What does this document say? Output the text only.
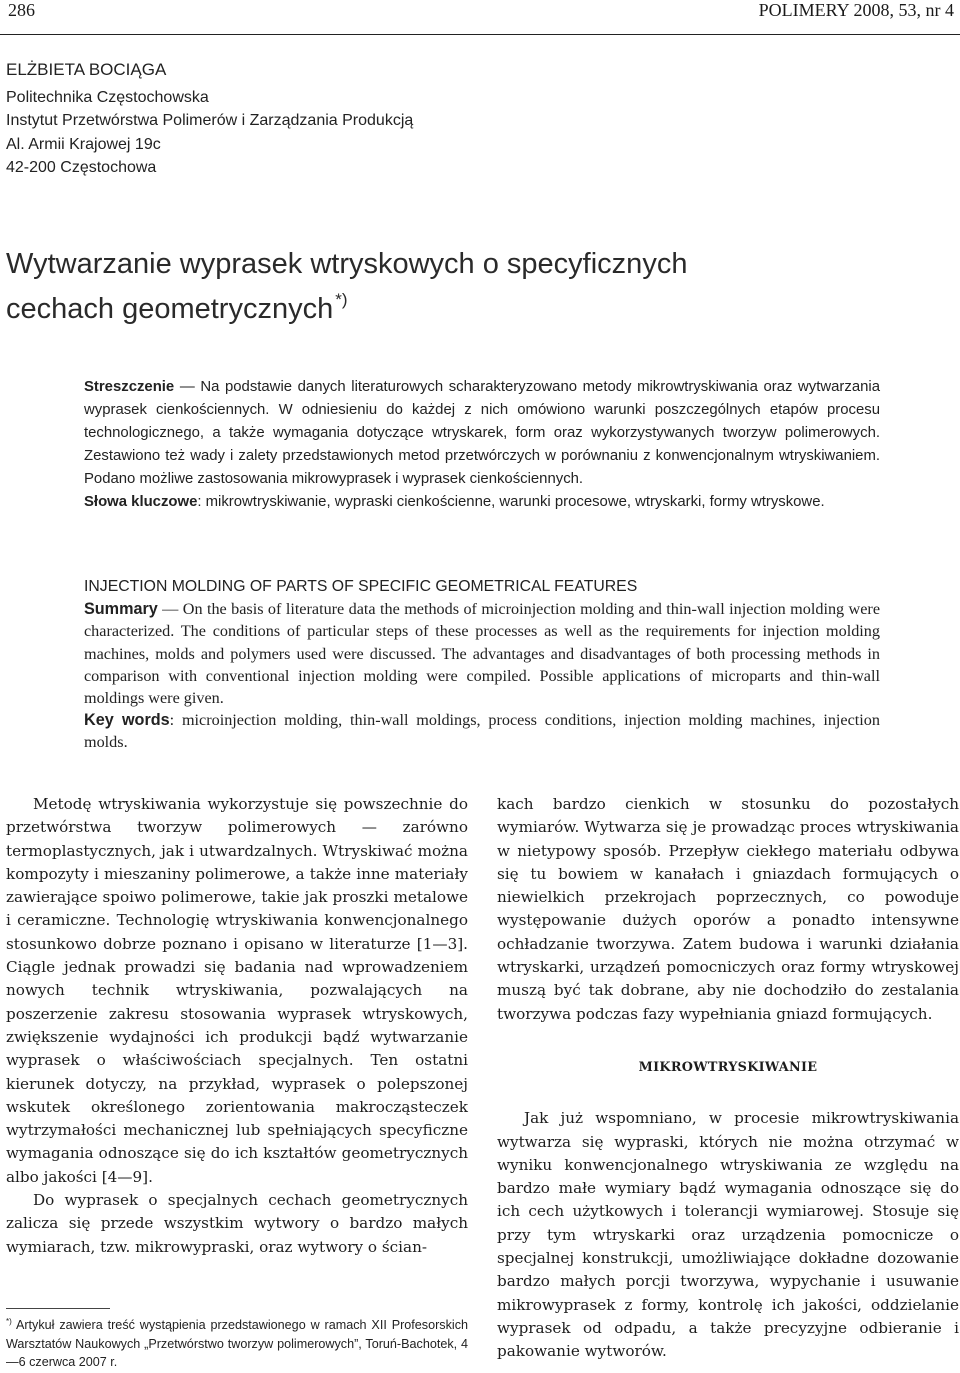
286	POLIMERY 2008, 53, nr 4
ELŻBIETA BOCIĄGA
Politechnika Częstochowska
Instytut Przetwórstwa Polimerów i Zarządzania Produkcją
Al. Armii Krajowej 19c
42-200 Częstochowa
Wytwarzanie wyprasek wtryskowych o specyficznych
cechach geometrycznych *)

Streszczenie — Na podstawie danych literaturowych scharakteryzowano metody mikrowtryskiwania oraz wytwarzania wyprasek cienkościennych. W odniesieniu do każdej z nich omówiono warunki poszczególnych etapów procesu technologicznego, a także wymagania dotyczące wtryskarek, form oraz wykorzystywanych tworzyw polimerowych. Zestawiono też wady i zalety przedstawionych metod przetwórczych w porównaniu z konwencjonalnym wtryskiwaniem. Podano możliwe zastosowania mikrowyprasek i wyprasek cienkościennych.

Słowa kluczowe: mikrowtryskiwanie, wypraski cienkościenne, warunki procesowe, wtryskarki, formy wtryskowe.

INJECTION MOLDING OF PARTS OF SPECIFIC GEOMETRICAL FEATURES

Summary — On the basis of literature data the methods of microinjection molding and thin-wall injection molding were characterized. The conditions of particular steps of these processes as well as the requirements for injection molding machines, molds and polymers used were discussed. The advantages and disadvantages of both processing methods in comparison with conventional injection molding were compiled. Possible applications of microparts and thin-wall moldings were given.

Key words: microinjection molding, thin-wall moldings, process conditions, injection molding machines, injection molds.

Metodę wtryskiwania wykorzystuje się powszechnie do przetwórstwa tworzyw polimerowych — zarówno termoplastycznych, jak i utwardzalnych. Wtryskiwać można kompozyty i mieszaniny polimerowe, a także inne materiały zawierające spoiwo polimerowe, takie jak proszki metalowe i ceramiczne. Technologię wtryskiwania konwencjonalnego stosunkowo dobrze poznano i opisano w literaturze [1—3]. Ciągle jednak prowadzi się badania nad wprowadzeniem nowych technik wtryskiwania, pozwalających na poszerzenie zakresu stosowania wyprasek wtryskowych, zwiększenie wydajności ich produkcji bądź wytwarzanie wyprasek o właściwościach specjalnych. Ten ostatni kierunek dotyczy, na przykład, wyprasek o polepszonej wskutek określonego zorientowania makrocząsteczek wytrzymałości mechanicznej lub spełniających specyficzne wymagania odnoszące się do ich kształtów geometrycznych albo jakości [4—9].

Do wyprasek o specjalnych cechach geometrycznych zalicza się przede wszystkim wytwory o bardzo małych wymiarach, tzw. mikrowypraski, oraz wytwory o ścian-

kach bardzo cienkich w stosunku do pozostałych wymiarów. Wytwarza się je prowadząc proces wtryskiwania w nietypowy sposób. Przepływ ciekłego materiału odbywa się tu bowiem w kanałach i gniazdach formujących o niewielkich przekrojach poprzecznych, co powoduje występowanie dużych oporów a ponadto intensywne ochładzanie tworzywa. Zatem budowa i warunki działania wtryskarki, urządzeń pomocniczych oraz formy wtryskowej muszą być tak dobrane, aby nie dochodziło do zestalania tworzywa podczas fazy wypełniania gniazd formujących.

MIKROWTRYSKIWANIE

Jak już wspomniano, w procesie mikrowtryskiwania wytwarza się wypraski, których nie można otrzymać w wyniku konwencjonalnego wtryskiwania ze względu na bardzo małe wymiary bądź wymagania odnoszące się do ich cech użytkowych i tolerancji wymiarowej. Stosuje się przy tym wtryskarki oraz urządzenia pomocnicze o specjalnej konstrukcji, umożliwiające dokładne dozowanie bardzo małych porcji tworzywa, wypychanie i usuwanie mikrowyprasek z formy, kontrolę ich jakości, oddzielanie wyprasek od odpadu, a także precyzyjne odbieranie i pakowanie wytworów.

*) Artykuł zawiera treść wystąpienia przedstawionego w ramach XII Profesorskich Warsztatów Naukowych „Przetwórstwo tworzyw polimerowych”, Toruń-Bachotek, 4—6 czerwca 2007 r.
